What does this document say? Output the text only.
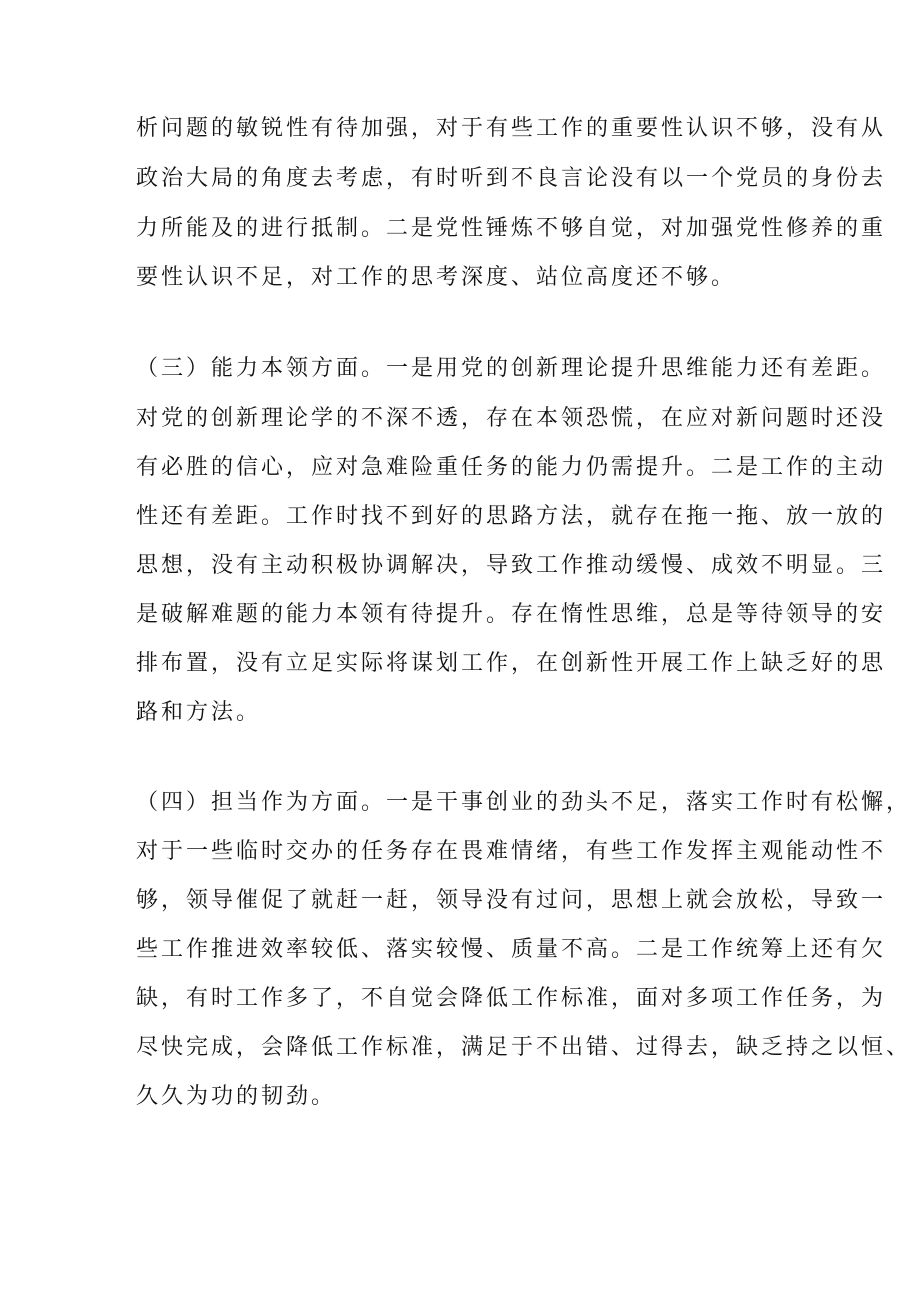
析问题的敏锐性有待加强，对于有些工作的重要性认识不够，没有从

政治大局的角度去考虑，有时听到不良言论没有以一个党员的身份去

力所能及的进行抵制。二是党性锤炼不够自觉，对加强党性修养的重

要性认识不足，对工作的思考深度、站位高度还不够。

（三）能力本领方面。一是用党的创新理论提升思维能力还有差距。

对党的创新理论学的不深不透，存在本领恐慌，在应对新问题时还没

有必胜的信心，应对急难险重任务的能力仍需提升。二是工作的主动

性还有差距。工作时找不到好的思路方法，就存在拖一拖、放一放的

思想，没有主动积极协调解决，导致工作推动缓慢、成效不明显。三

是破解难题的能力本领有待提升。存在惰性思维，总是等待领导的安

排布置，没有立足实际将谋划工作，在创新性开展工作上缺乏好的思

路和方法。

（四）担当作为方面。一是干事创业的劲头不足，落实工作时有松懈，

对于一些临时交办的任务存在畏难情绪，有些工作发挥主观能动性不

够，领导催促了就赶一赶，领导没有过问，思想上就会放松，导致一

些工作推进效率较低、落实较慢、质量不高。二是工作统筹上还有欠

缺，有时工作多了，不自觉会降低工作标准，面对多项工作任务，为

尽快完成，会降低工作标准，满足于不出错、过得去，缺乏持之以恒、

久久为功的韧劲。
